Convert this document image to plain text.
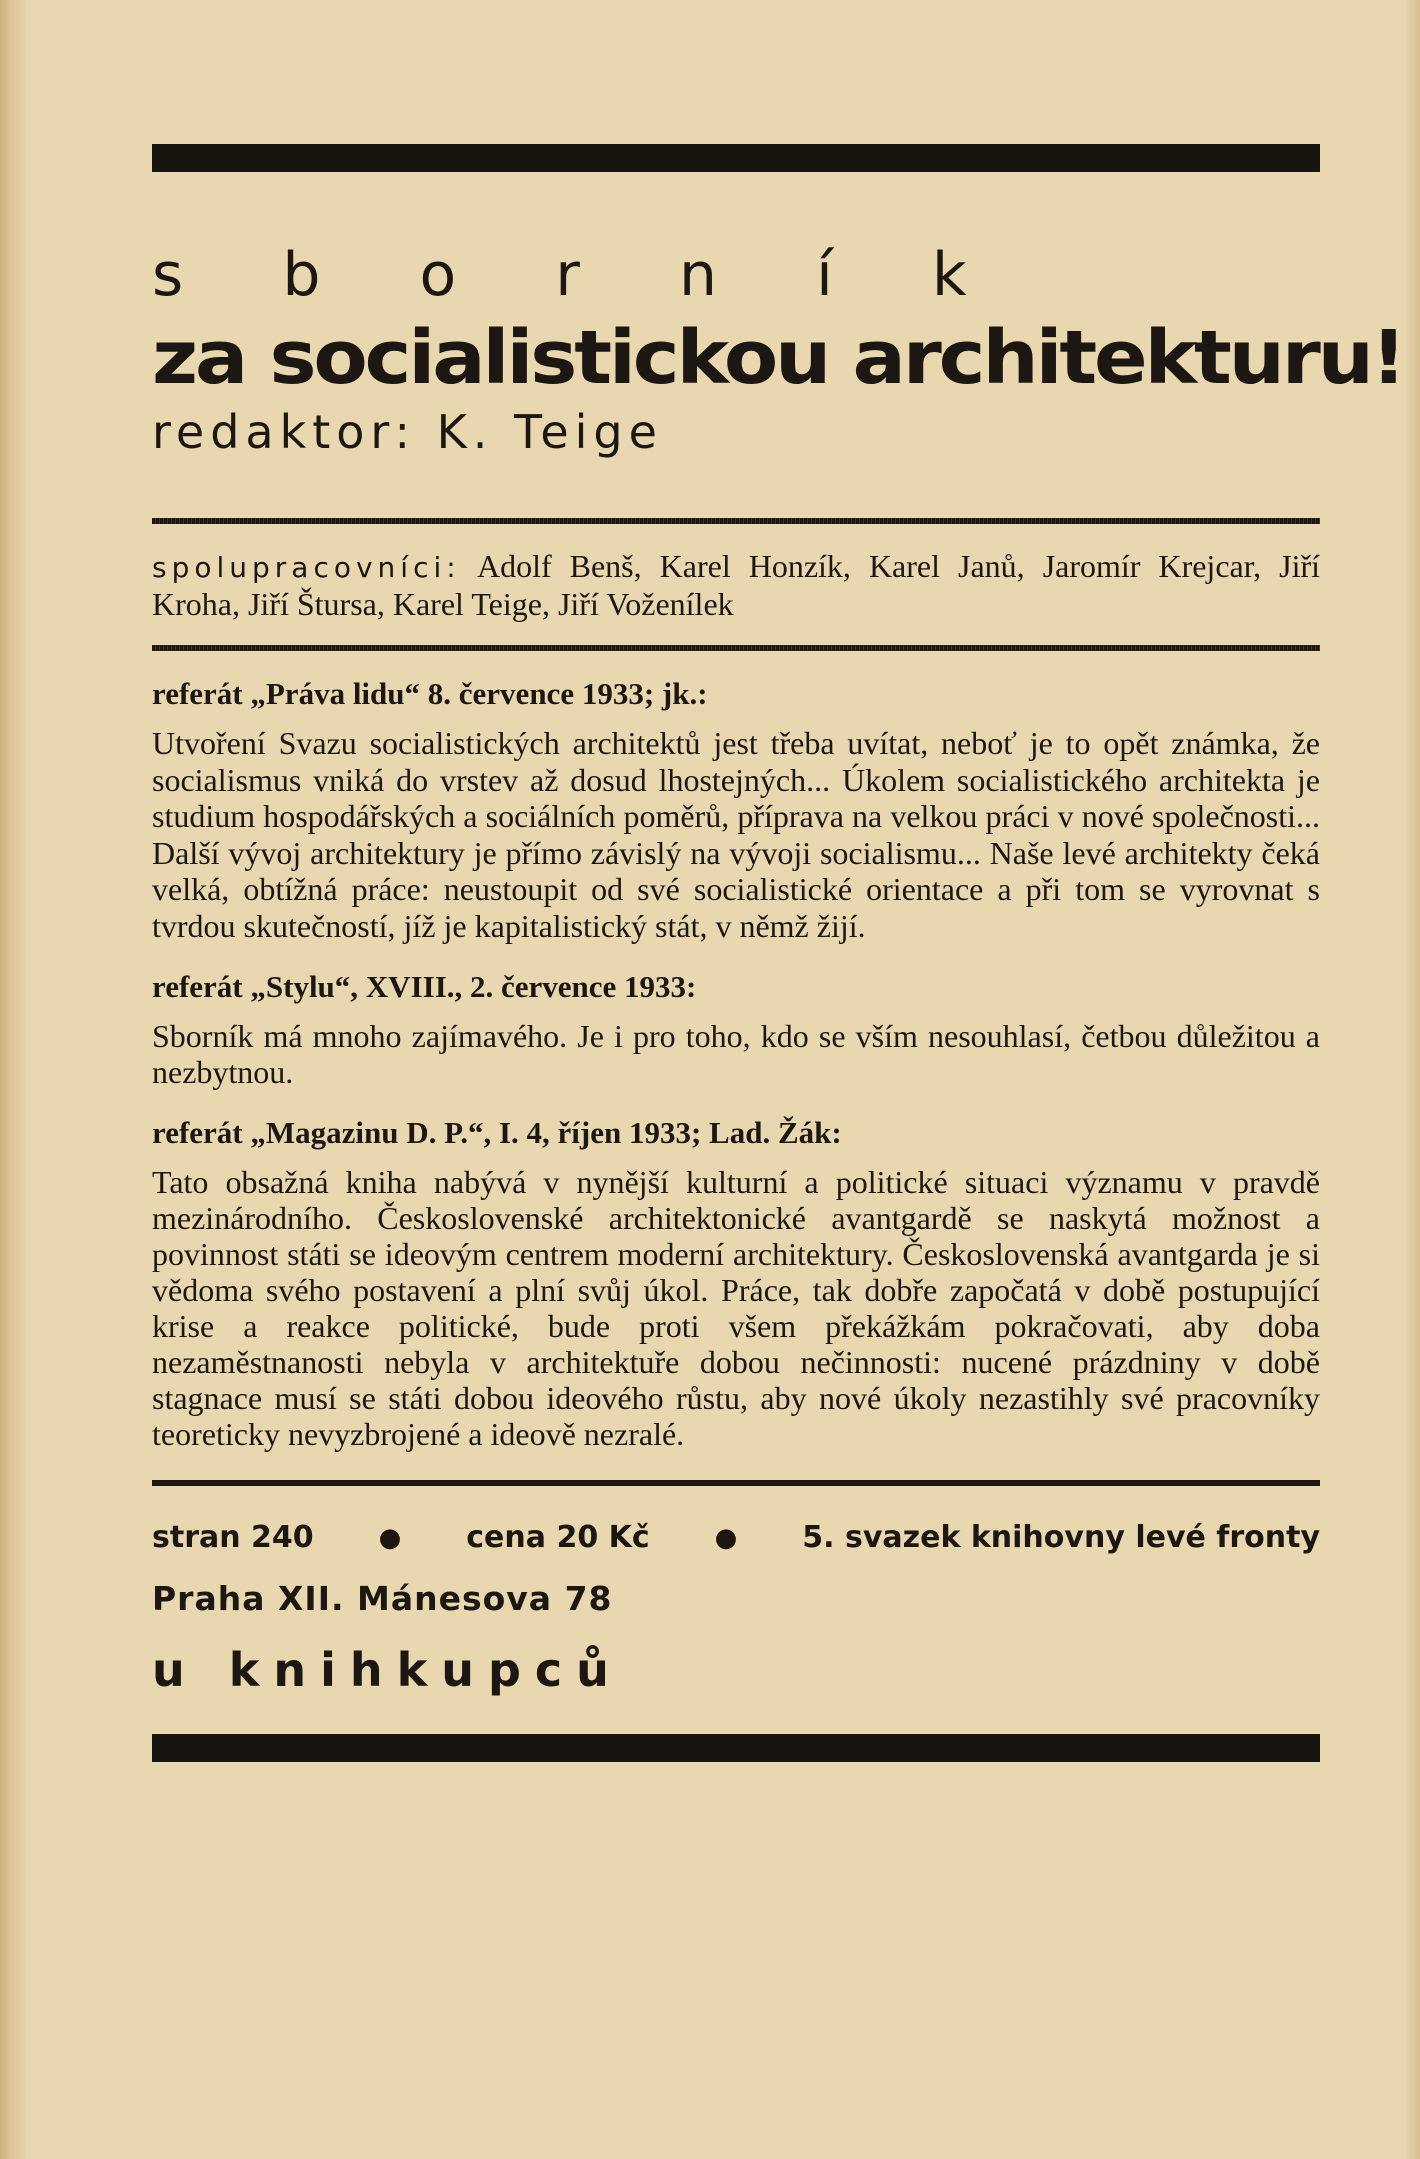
s b o r n í k
za socialistickou architekturu!
redaktor: K. Teige
spolupracovníci: Adolf Benš, Karel Honzík, Karel Janů, Jaromír Krejcar, Jiří Kroha, Jiří Štursa, Karel Teige, Jiří Voženílek
referát „Práva lidu“ 8. července 1933; jk.:
Utvoření Svazu socialistických architektů jest třeba uvítat, neboť je to opět známka, že socialismus vniká do vrstev až dosud lhostejných... Úkolem socialistického architekta je studium hospodářských a sociálních poměrů, příprava na velkou práci v nové společnosti... Další vývoj architektury je přímo závislý na vývoji socialismu... Naše levé architekty čeká velká, obtížná práce: neustoupit od své socialistické orientace a při tom se vyrovnat s tvrdou skutečností, jíž je kapitalistický stát, v němž žijí.
referát „Stylu“, XVIII., 2. července 1933:
Sborník má mnoho zajímavého. Je i pro toho, kdo se vším nesouhlasí, četbou důležitou a nezbytnou.
referát „Magazinu D. P.“, I. 4, říjen 1933; Lad. Žák:
Tato obsažná kniha nabývá v nynější kulturní a politické situaci významu v pravdě mezinárodního. Československé architektonické avantgardě se naskytá možnost a povinnost státi se ideovým centrem moderní architektury. Československá avantgarda je si vědoma svého postavení a plní svůj úkol. Práce, tak dobře započatá v době postupující krise a reakce politické, bude proti všem překážkám pokračovati, aby doba nezaměstnanosti nebyla v architektuře dobou nečinnosti: nucené prázdniny v době stagnace musí se státi dobou ideového růstu, aby nové úkoly nezastihly své pracovníky teoreticky nevyzbrojené a ideově nezralé.
stran 240 ● cena 20 Kč ● 5. svazek knihovny levé fronty
Praha XII. Mánesova 78
u knihkupců
